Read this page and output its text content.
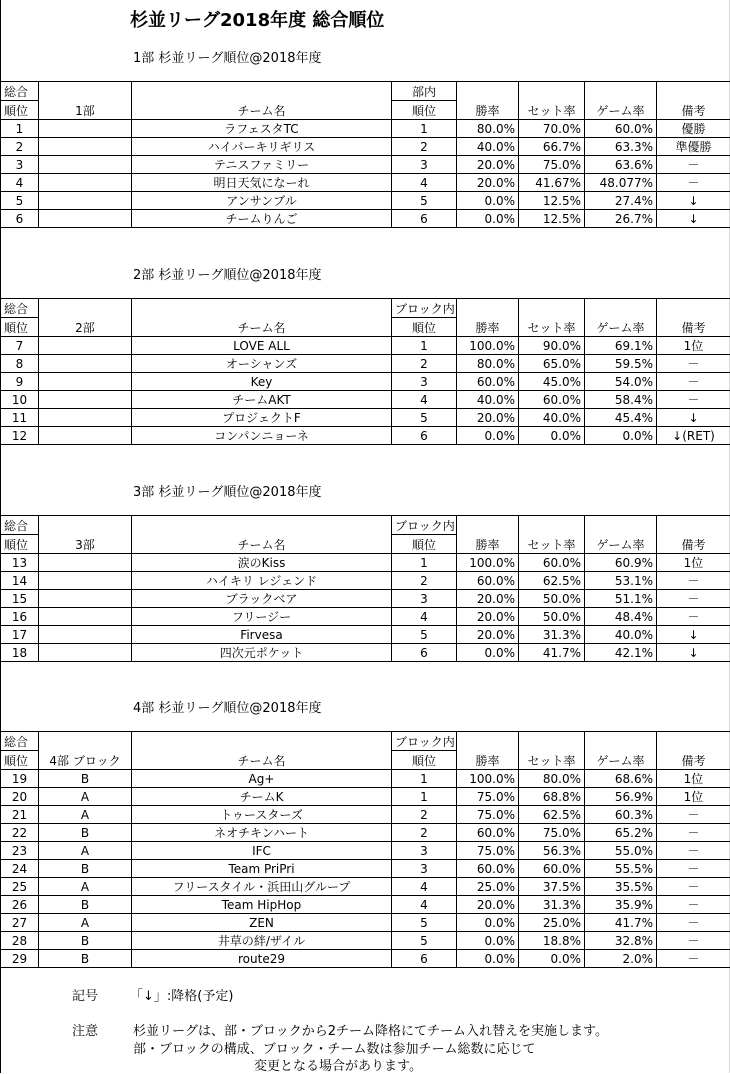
杉並リーグ2018年度 総合順位
1部 杉並リーグ順位@2018年度
総合	1部	チーム名	部内	勝率	セット率	ゲーム率	備考
順位			順位				
1		ラフェスタTC	1	80.0%	70.0%	60.0%	優勝
2		ハイパーキリギリス	2	40.0%	66.7%	63.3%	準優勝
3		テニスファミリー	3	20.0%	75.0%	63.6%	－
4		明日天気になーれ	4	20.0%	41.67%	48.077%	－
5		アンサンブル	5	0.0%	12.5%	27.4%	↓
6		チームりんご	6	0.0%	12.5%	26.7%	↓
2部 杉並リーグ順位@2018年度
総合	2部	チーム名	ブロック内	勝率	セット率	ゲーム率	備考
順位			順位				
7		LOVE ALL	1	100.0%	90.0%	69.1%	1位
8		オーシャンズ	2	80.0%	65.0%	59.5%	－
9		Key	3	60.0%	45.0%	54.0%	－
10		チームAKT	4	40.0%	60.0%	58.4%	－
11		プロジェクトF	5	20.0%	40.0%	45.4%	↓
12		コンパンニョーネ	6	0.0%	0.0%	0.0%	↓(RET)
3部 杉並リーグ順位@2018年度
総合	3部	チーム名	ブロック内	勝率	セット率	ゲーム率	備考
順位			順位				
13		涙のKiss	1	100.0%	60.0%	60.9%	1位
14		ハイキリ レジェンド	2	60.0%	62.5%	53.1%	－
15		ブラックベア	3	20.0%	50.0%	51.1%	－
16		フリージー	4	20.0%	50.0%	48.4%	－
17		Firvesa	5	20.0%	31.3%	40.0%	↓
18		四次元ポケット	6	0.0%	41.7%	42.1%	↓
4部 杉並リーグ順位@2018年度
総合	4部 ブロック	チーム名	ブロック内	勝率	セット率	ゲーム率	備考
順位			順位				
19	B	Ag+	1	100.0%	80.0%	68.6%	1位
20	A	チームK	1	75.0%	68.8%	56.9%	1位
21	A	トゥースターズ	2	75.0%	62.5%	60.3%	－
22	B	ネオチキンハート	2	60.0%	75.0%	65.2%	－
23	A	IFC	3	75.0%	56.3%	55.0%	－
24	B	Team PriPri	3	60.0%	60.0%	55.5%	－
25	A	フリースタイル・浜田山グループ	4	25.0%	37.5%	35.5%	－
26	B	Team HipHop	4	20.0%	31.3%	35.9%	－
27	A	ZEN	5	0.0%	25.0%	41.7%	－
28	B	井草の絆/ザイル	5	0.0%	18.8%	32.8%	－
29	B	route29	6	0.0%	0.0%	2.0%	－
記号 「↓」:降格(予定)
注意	杉並リーグは、部・ブロックから2チーム降格にてチーム入れ替えを実施します。
部・ブロックの構成、ブロック・チーム数は参加チーム総数に応じて
変更となる場合があります。
